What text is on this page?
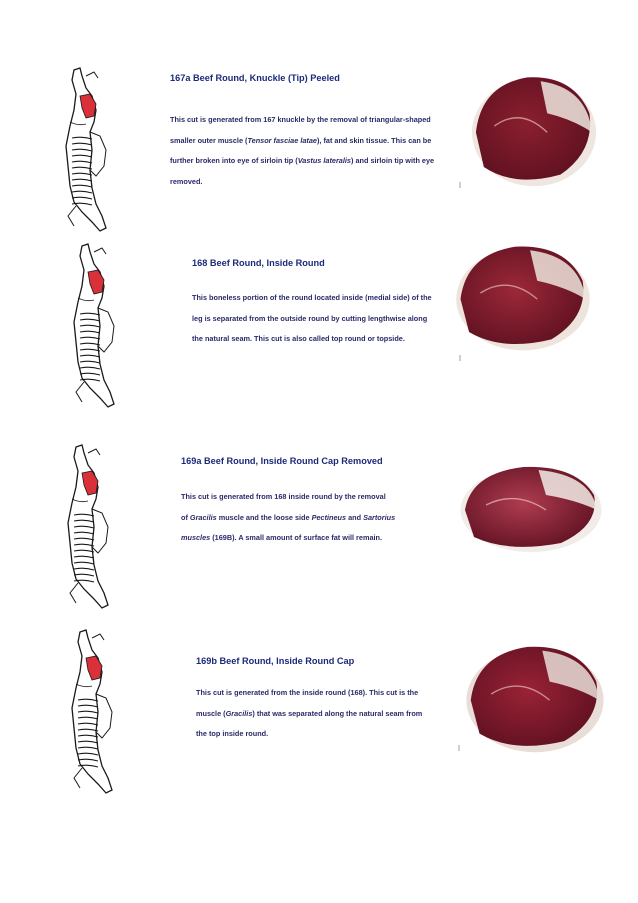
167a Beef Round, Knuckle (Tip) Peeled
This cut is generated from 167 knuckle by the removal of triangular-shaped
smaller outer muscle (Tensor fasciae latae), fat and skin tissue. This can be
further broken into eye of sirloin tip (Vastus lateralis) and sirloin tip with eye
removed.
168 Beef Round, Inside Round
This boneless portion of the round located inside (medial side) of the
leg is separated from the outside round by cutting lengthwise along
the natural seam. This cut is also called top round or topside.
169a Beef Round, Inside Round Cap Removed
This cut is generated from 168 inside round by the removal
of Gracilis muscle and the loose side Pectineus and Sartorius
muscles (169B). A small amount of surface fat will remain.
169b Beef Round, Inside Round Cap
This cut is generated from the inside round (168). This cut is the
muscle (Gracilis) that was separated along the natural seam from
the top inside round.
